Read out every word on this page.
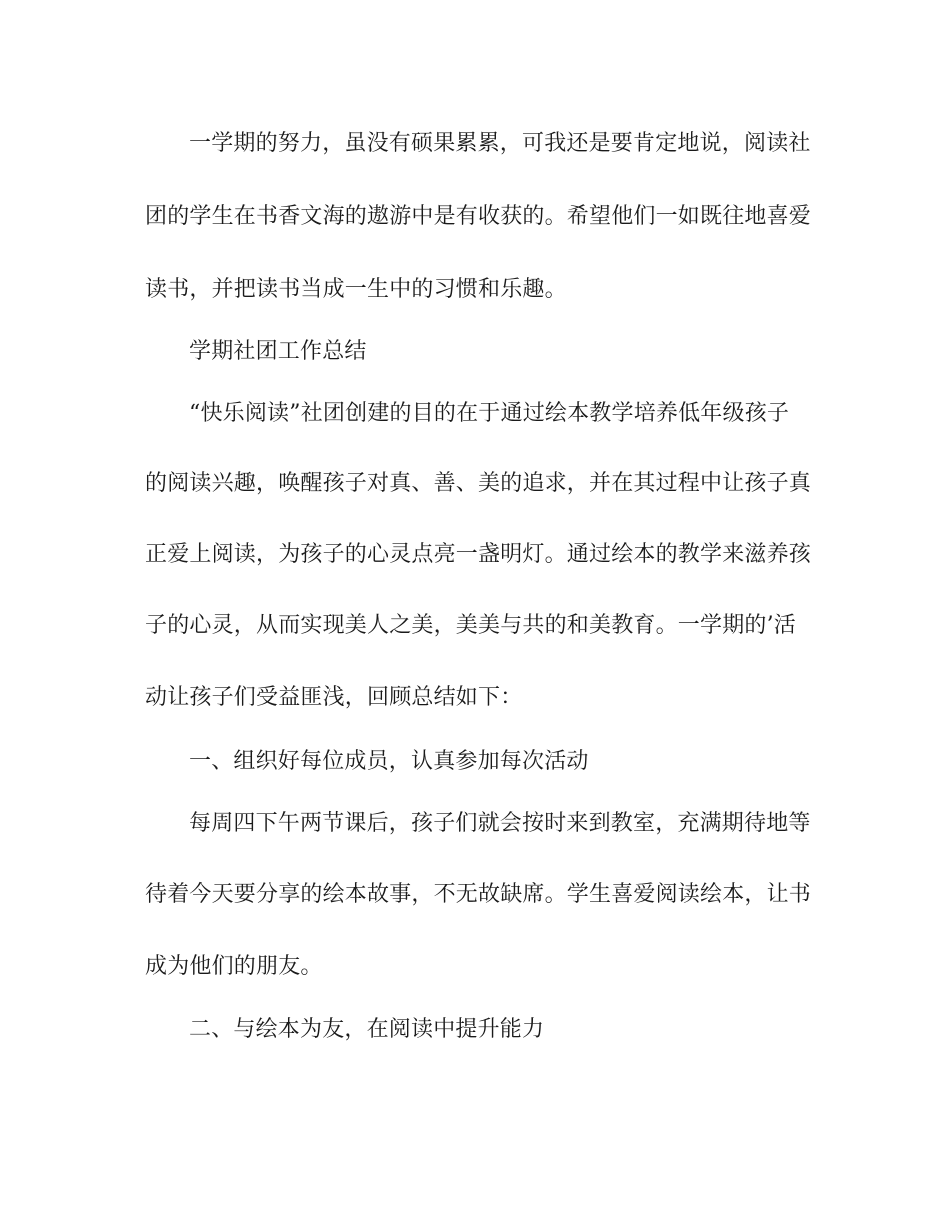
一学期的努力，虽没有硕果累累，可我还是要肯定地说，阅读社
团的学生在书香文海的遨游中是有收获的。希望他们一如既往地喜爱
读书，并把读书当成一生中的习惯和乐趣。
学期社团工作总结
“快乐阅读”社团创建的目的在于通过绘本教学培养低年级孩子
的阅读兴趣，唤醒孩子对真、善、美的追求，并在其过程中让孩子真
正爱上阅读，为孩子的心灵点亮一盏明灯。通过绘本的教学来滋养孩
子的心灵，从而实现美人之美，美美与共的和美教育。一学期的’活
动让孩子们受益匪浅，回顾总结如下：
一、组织好每位成员，认真参加每次活动
每周四下午两节课后，孩子们就会按时来到教室，充满期待地等
待着今天要分享的绘本故事，不无故缺席。学生喜爱阅读绘本，让书
成为他们的朋友。
二、与绘本为友，在阅读中提升能力
